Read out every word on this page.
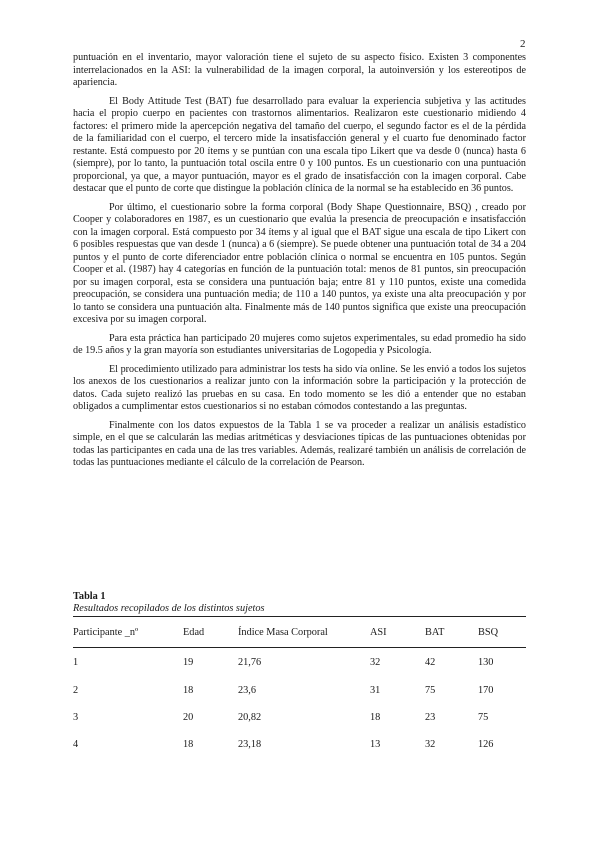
2

puntuación en el inventario, mayor valoración tiene el sujeto de su aspecto físico. Existen 3 componentes interrelacionados en la ASI: la vulnerabilidad de la imagen corporal, la autoinversión y los estereotipos de apariencia.

El Body Attitude Test (BAT) fue desarrollado para evaluar la experiencia subjetiva y las actitudes hacia el propio cuerpo en pacientes con trastornos alimentarios. Realizaron este cuestionario midiendo 4 factores: el primero mide la apercepción negativa del tamaño del cuerpo, el segundo factor es el de la pérdida de la familiaridad con el cuerpo, el tercero mide la insatisfacción general y el cuarto fue denominado factor restante. Está compuesto por 20 ítems y se puntúan con una escala tipo Likert que va desde 0 (nunca) hasta 6 (siempre), por lo tanto, la puntuación total oscila entre 0 y 100 puntos. Es un cuestionario con una puntuación proporcional, ya que, a mayor puntuación, mayor es el grado de insatisfacción con la imagen corporal. Cabe destacar que el punto de corte que distingue la población clínica de la normal se ha establecido en 36 puntos.

Por último, el cuestionario sobre la forma corporal (Body Shape Questionnaire, BSQ) , creado por Cooper y colaboradores en 1987, es un cuestionario que evalúa la presencia de preocupación e insatisfacción con la imagen corporal. Está compuesto por 34 ítems y al igual que el BAT sigue una escala de tipo Likert con 6 posibles respuestas que van desde 1 (nunca) a 6 (siempre). Se puede obtener una puntuación total de 34 a 204 puntos y el punto de corte diferenciador entre población clínica o normal se encuentra en 105 puntos. Según Cooper et al. (1987) hay 4 categorías en función de la puntuación total: menos de 81 puntos, sin preocupación por su imagen corporal, esta se considera una puntuación baja; entre 81 y 110 puntos, existe una comedida preocupación, se considera una puntuación media; de 110 a 140 puntos, ya existe una alta preocupación y por lo tanto se considera una puntuación alta. Finalmente más de 140 puntos significa que existe una preocupación excesiva por su imagen corporal.

Para esta práctica han participado 20 mujeres como sujetos experimentales, su edad promedio ha sido de 19.5 años y la gran mayoría son estudiantes universitarias de Logopedia y Psicología.

El procedimiento utilizado para administrar los tests ha sido vía online. Se les envió a todos los sujetos los anexos de los cuestionarios a realizar junto con la información sobre la participación y la protección de datos. Cada sujeto realizó las pruebas en su casa. En todo momento se les dió a entender que no estaban obligados a cumplimentar estos cuestionarios si no estaban cómodos contestando a las preguntas.

Finalmente con los datos expuestos de la Tabla 1 se va proceder a realizar un análisis estadístico simple, en el que se calcularán las medias aritméticas y desviaciones típicas de las puntuaciones obtenidas por todas las participantes en cada una de las tres variables. Además, realizaré también un análisis de correlación de todas las puntuaciones mediante el cálculo de la correlación de Pearson.

Tabla 1
Resultados recopilados de los distintos sujetos
Participante _nº	Edad	Índice Masa Corporal	ASI	BAT	BSQ
1	19	21,76	32	42	130
2	18	23,6	31	75	170
3	20	20,82	18	23	75
4	18	23,18	13	32	126
